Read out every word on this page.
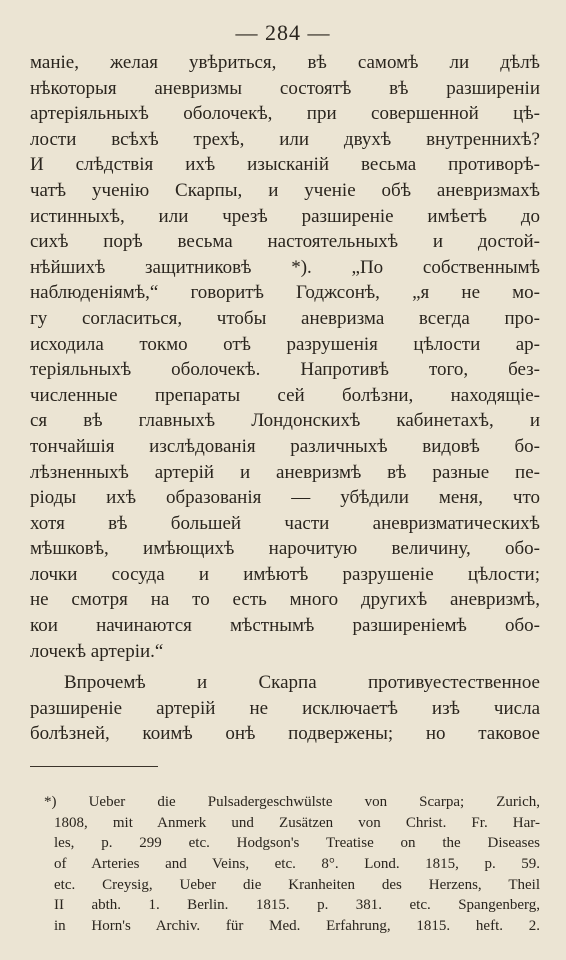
— 284 —
маніе, желая увѣриться, вѣ самомѣ ли дѣлѣ
нѣкоторыя аневризмы состоятѣ вѣ разширеніи
артеріяльныхѣ оболочекѣ, при совершенной цѣ-
лости всѣхѣ трехѣ, или двухѣ внутреннихѣ?
И слѣдствія ихѣ изысканій весьма противорѣ-
чатѣ ученію Скарпы, и ученіе обѣ аневризмахѣ
истинныхѣ, или чрезѣ разширеніе имѣетѣ до
сихѣ порѣ весьма настоятельныхѣ и достой-
нѣйшихѣ защитниковѣ *). „По собственнымѣ
наблюденіямѣ,“ говоритѣ Годжсонѣ, „я не мо-
гу согласиться, чтобы аневризма всегда про-
исходила токмо отѣ разрушенія цѣлости ар-
теріяльныхѣ оболочекѣ. Напротивѣ того, без-
численные препараты сей болѣзни, находящіе-
ся вѣ главныхѣ Лондонскихѣ кабинетахѣ, и
тончайшія изслѣдованія различныхѣ видовѣ бо-
лѣзненныхѣ артерій и аневризмѣ вѣ разные пе-
ріоды ихѣ образованія — убѣдили меня, что
хотя вѣ большей части аневризматическихѣ
мѣшковѣ, имѣющихѣ нарочитую величину, обо-
лочки сосуда и имѣютѣ разрушеніе цѣлости;
не смотря на то есть много другихѣ аневризмѣ,
кои начинаются мѣстнымѣ разширеніемѣ обо-
лочекѣ артеріи.“
Впрочемѣ и Скарпа противуестественное
разширеніе артерій не исключаетѣ изѣ числа
болѣзней, коимѣ онѣ подвержены; но таковое
*) Ueber die Pulsadergeschwülste von Scarpa; Zurich,
1808, mit Anmerk und Zusätzen von Christ. Fr. Har-
les, p. 299 etc. Hodgson's Treatise on the Diseases
of Arteries and Veins, etc. 8°. Lond. 1815, p. 59.
etc. Creysig, Ueber die Kranheiten des Herzens, Theil
II abth. 1. Berlin. 1815. p. 381. etc. Spangenberg,
in Horn's Archiv. für Med. Erfahrung, 1815. heft. 2.
